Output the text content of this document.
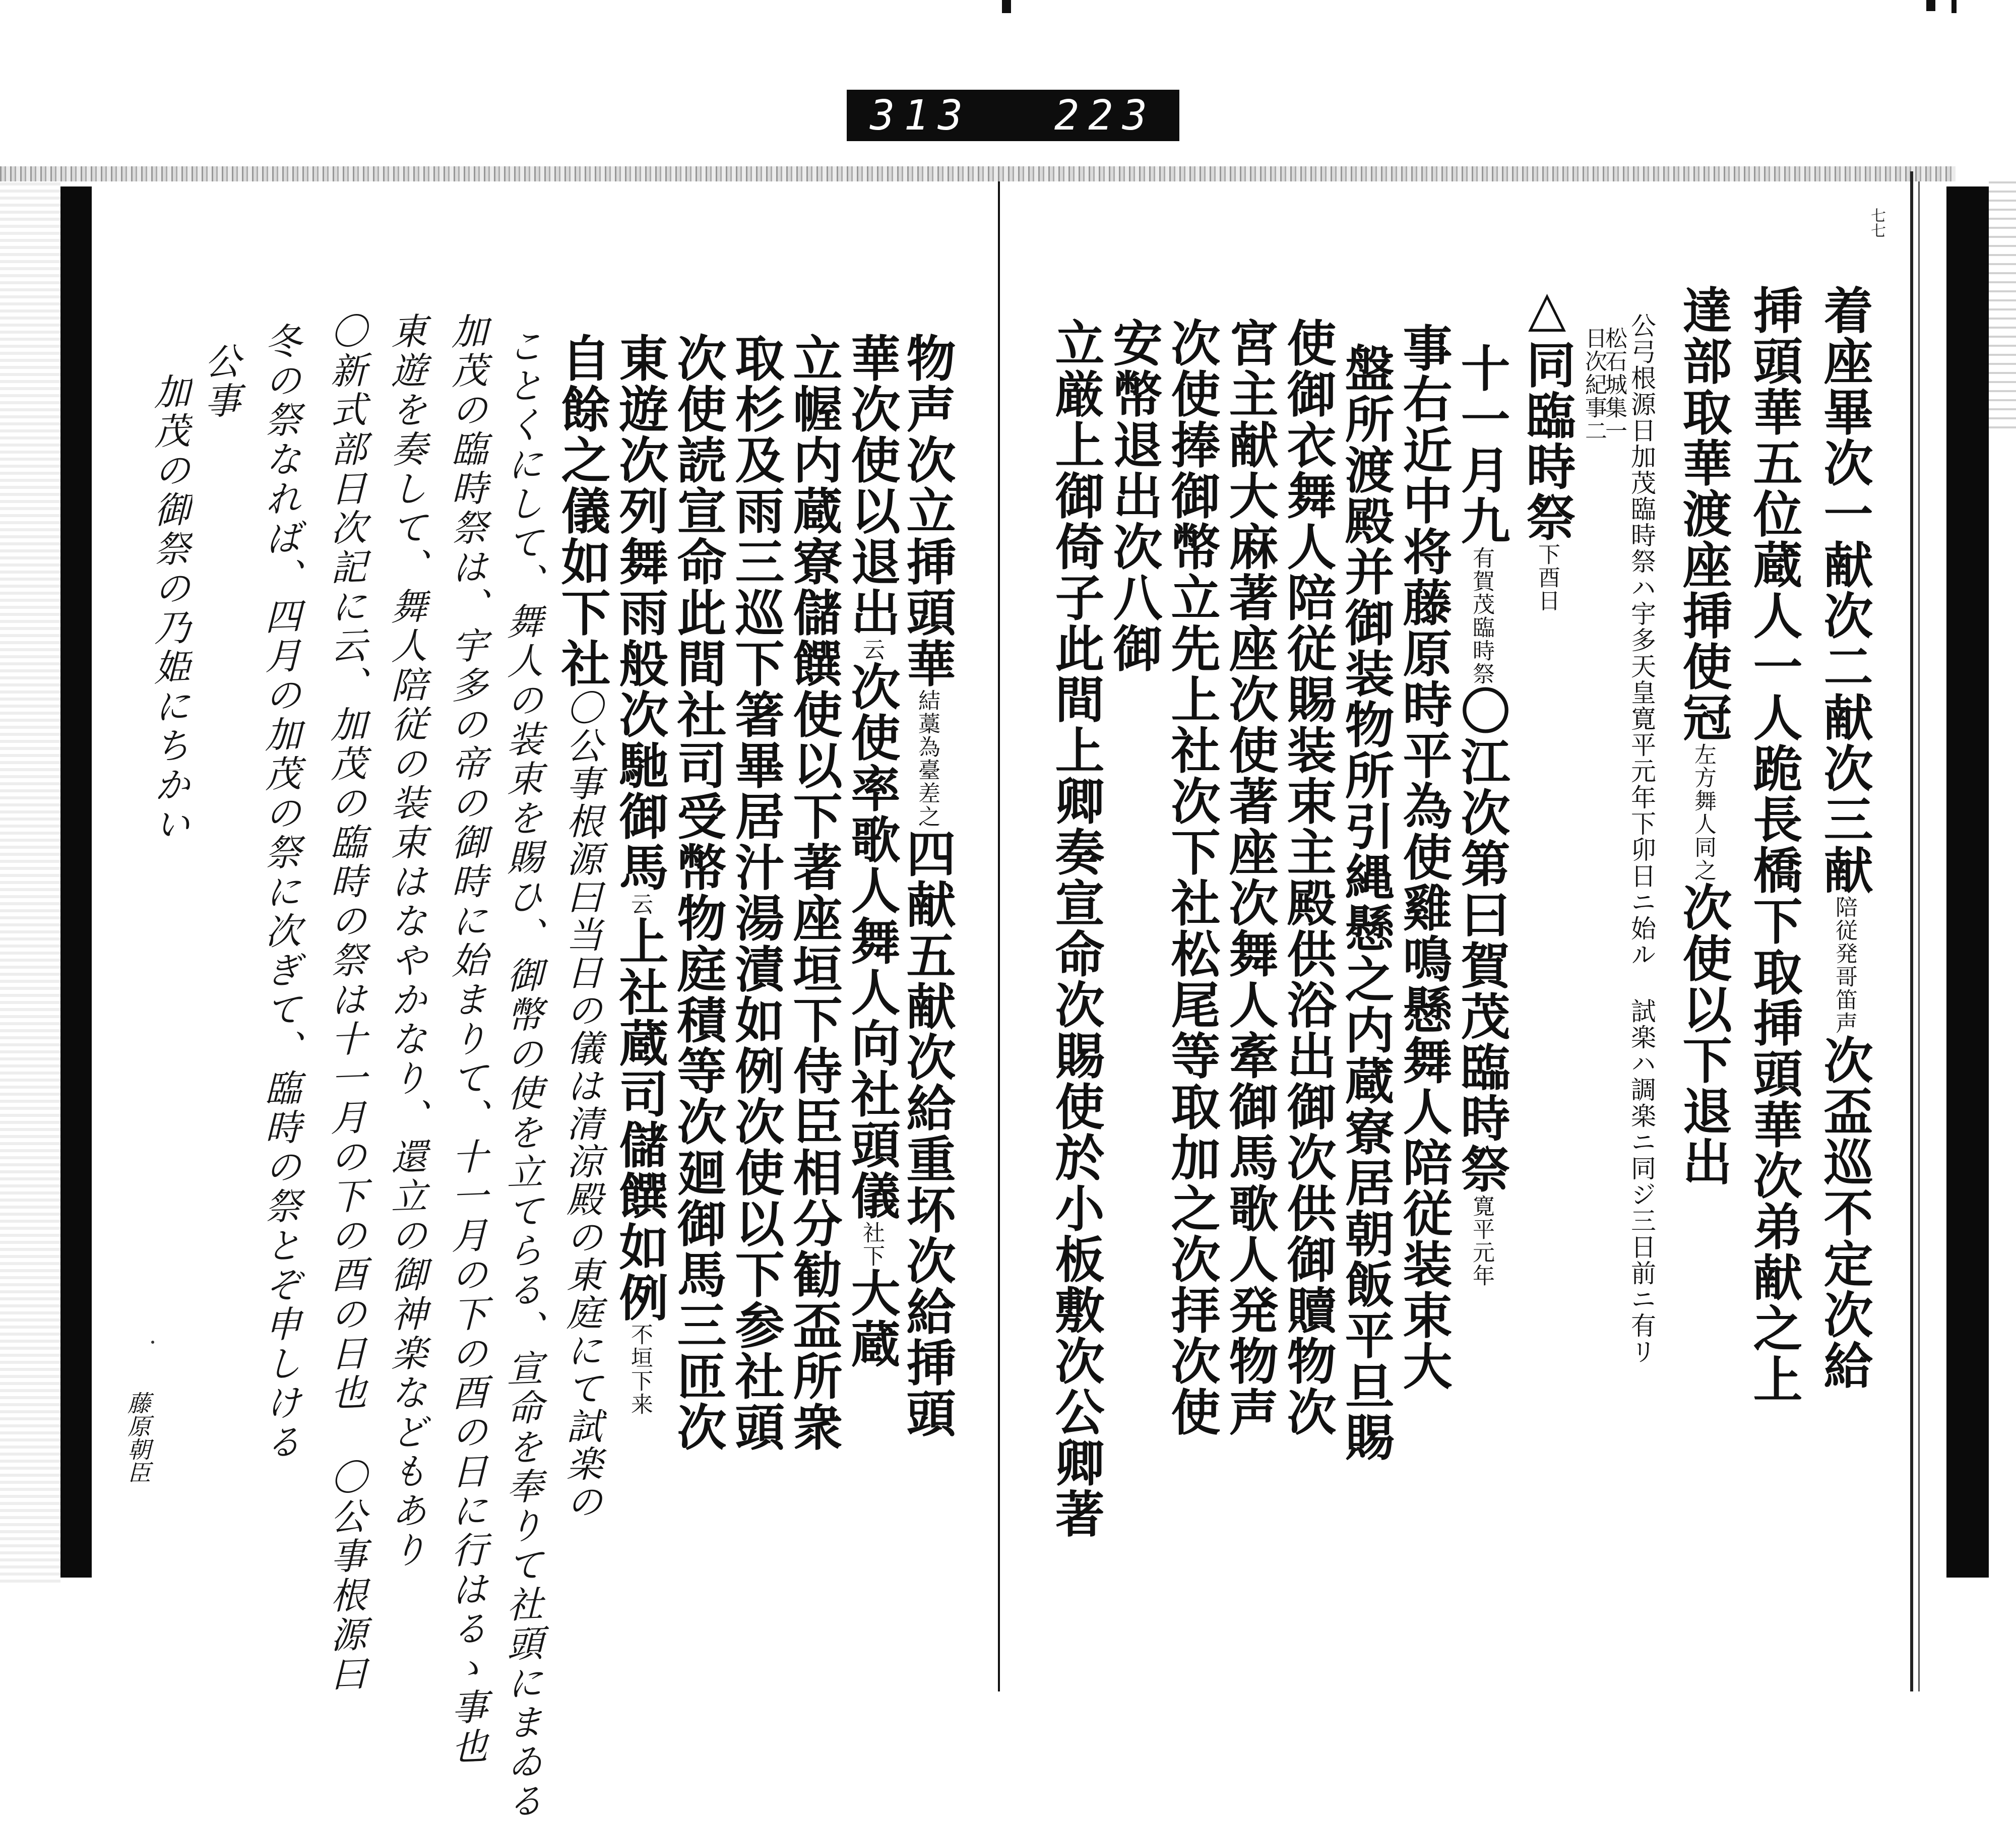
313 223
七七
着座畢次一献次二献次三献陪従発哥笛声次盃巡不定次給
挿頭華五位蔵人一人跪長橋下取挿頭華次弟献之上
達部取華渡座挿使冠左方舞人同之次使以下退出
公弓根源日加茂臨時祭ハ宇多天皇寛平元年下卯日ニ始ル 試楽ハ調楽ニ同ジ三日前ニ有リ
松石城集一
日次紀事二
△同臨時祭下酉日
十一月九有賀茂臨時祭〇江次第曰賀茂臨時祭寛平元年
事右近中将藤原時平為使雞鳴懸舞人陪従装束大
盤所渡殿并御装物所引縄懸之内蔵寮居朝飯平旦賜
使御衣舞人陪従賜装束主殿供浴出御次供御贖物次
宮主献大麻著座次使著座次舞人牽御馬歌人発物声
次使捧御幣立先上社次下社松尾等取加之次拝次使
安幣退出次八御
立厳上御倚子此間上卿奏宣命次賜使於小板敷次公卿著
物声次立挿頭華結藁為臺差之四献五献次給重坏次給挿頭
華次使以退出云次使率歌人舞人向社頭儀社下大蔵
立幄内蔵寮儲饌使以下著座垣下侍臣相分勧盃所衆
取杉及雨三巡下箸畢居汁湯漬如例次使以下参社頭
次使読宣命此間社司受幣物庭積等次廻御馬三匝次
東遊次列舞雨般次馳御馬云上社蔵司儲饌如例不垣下来
自餘之儀如下社〇公事根源曰当日の儀は清涼殿の東庭にて試楽の
ことくにして、舞人の装束を賜ひ、御幣の使を立てらる、宣命を奉りて社頭にまゐる
加茂の臨時祭は、宇多の帝の御時に始まりて、十一月の下の酉の日に行はるゝ事也
東遊を奏して、舞人陪従の装束はなやかなり、還立の御神楽などもあり
〇新式部日次記に云、加茂の臨時の祭は十一月の下の酉の日也 〇公事根源曰
冬の祭なれば、四月の加茂の祭に次ぎて、臨時の祭とぞ申しける
公事
加茂の御祭の乃姫にちかい
藤原朝臣
